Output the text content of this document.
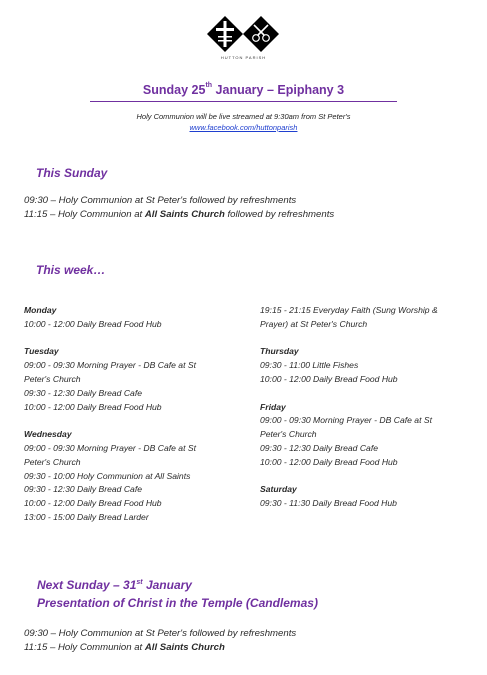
HUTTON PARISH
Sunday 25th January – Epiphany 3
Holy Communion will be live streamed at 9:30am from St Peter's
www.facebook.com/huttonparish
This Sunday
09:30 – Holy Communion at St Peter's followed by refreshments
11:15 – Holy Communion at All Saints Church followed by refreshments
This week…
Monday
10:00 - 12:00 Daily Bread Food Hub
Tuesday
09:00 - 09:30 Morning Prayer - DB Cafe at St
Peter's Church
09:30 - 12:30 Daily Bread Cafe
10:00 - 12:00 Daily Bread Food Hub
Wednesday
09:00 - 09:30 Morning Prayer - DB Cafe at St
Peter's Church
09:30 - 10:00 Holy Communion at All Saints
09:30 - 12:30 Daily Bread Cafe
10:00 - 12:00 Daily Bread Food Hub
13:00 - 15:00 Daily Bread Larder
19:15 - 21:15 Everyday Faith (Sung Worship &
Prayer) at St Peter's Church
Thursday
09:30 - 11:00 Little Fishes
10:00 - 12:00 Daily Bread Food Hub
Friday
09:00 - 09:30 Morning Prayer - DB Cafe at St
Peter's Church
09:30 - 12:30 Daily Bread Cafe
10:00 - 12:00 Daily Bread Food Hub
Saturday
09:30 - 11:30 Daily Bread Food Hub
Next Sunday – 31st January
Presentation of Christ in the Temple (Candlemas)
09:30 – Holy Communion at St Peter's followed by refreshments
11:15 – Holy Communion at All Saints Church
